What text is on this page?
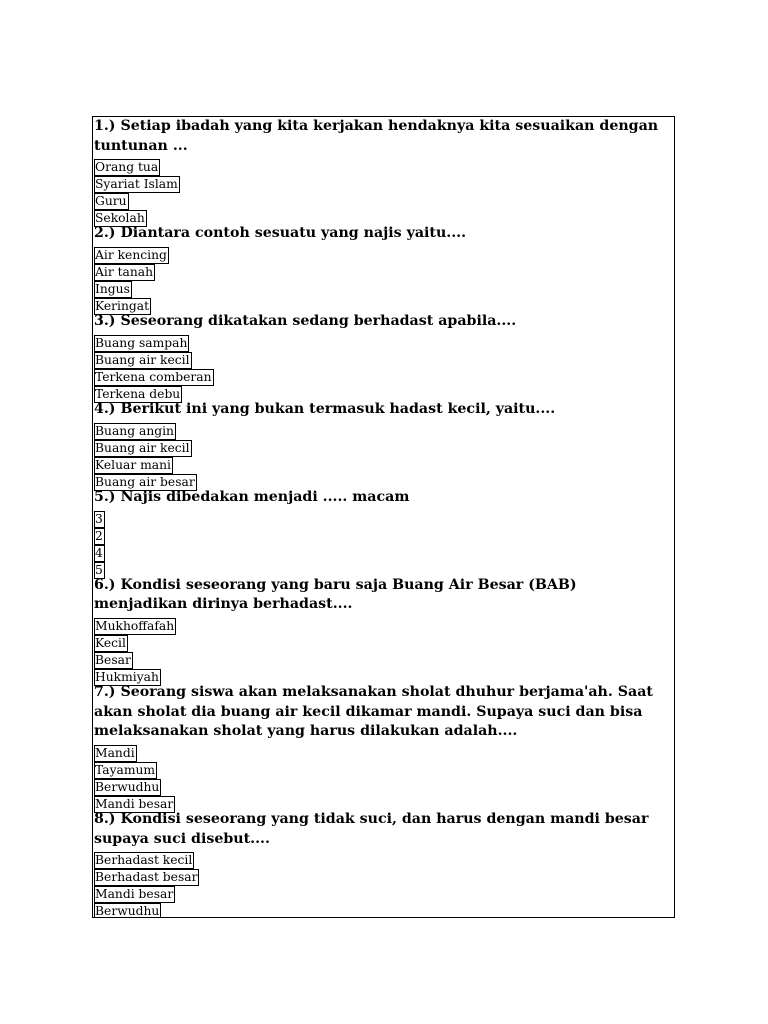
1.) Setiap ibadah yang kita kerjakan hendaknya kita sesuaikan dengan tuntunan ...
Orang tua
Syariat Islam
Guru
Sekolah
2.) Diantara contoh sesuatu yang najis yaitu....
Air kencing
Air tanah
Ingus
Keringat
3.) Seseorang dikatakan sedang berhadast apabila....
Buang sampah
Buang air kecil
Terkena comberan
Terkena debu
4.) Berikut ini yang bukan termasuk hadast kecil, yaitu....
Buang angin
Buang air kecil
Keluar mani
Buang air besar
5.) Najis dibedakan menjadi ..... macam
3
2
4
5
6.) Kondisi seseorang yang baru saja Buang Air Besar (BAB) menjadikan dirinya berhadast....
Mukhoffafah
Kecil
Besar
Hukmiyah
7.) Seorang siswa akan melaksanakan sholat dhuhur berjama'ah. Saat akan sholat dia buang air kecil dikamar mandi. Supaya suci dan bisa melaksanakan sholat yang harus dilakukan adalah....
Mandi
Tayamum
Berwudhu
Mandi besar
8.) Kondisi seseorang yang tidak suci, dan harus dengan mandi besar supaya suci disebut....
Berhadast kecil
Berhadast besar
Mandi besar
Berwudhu
